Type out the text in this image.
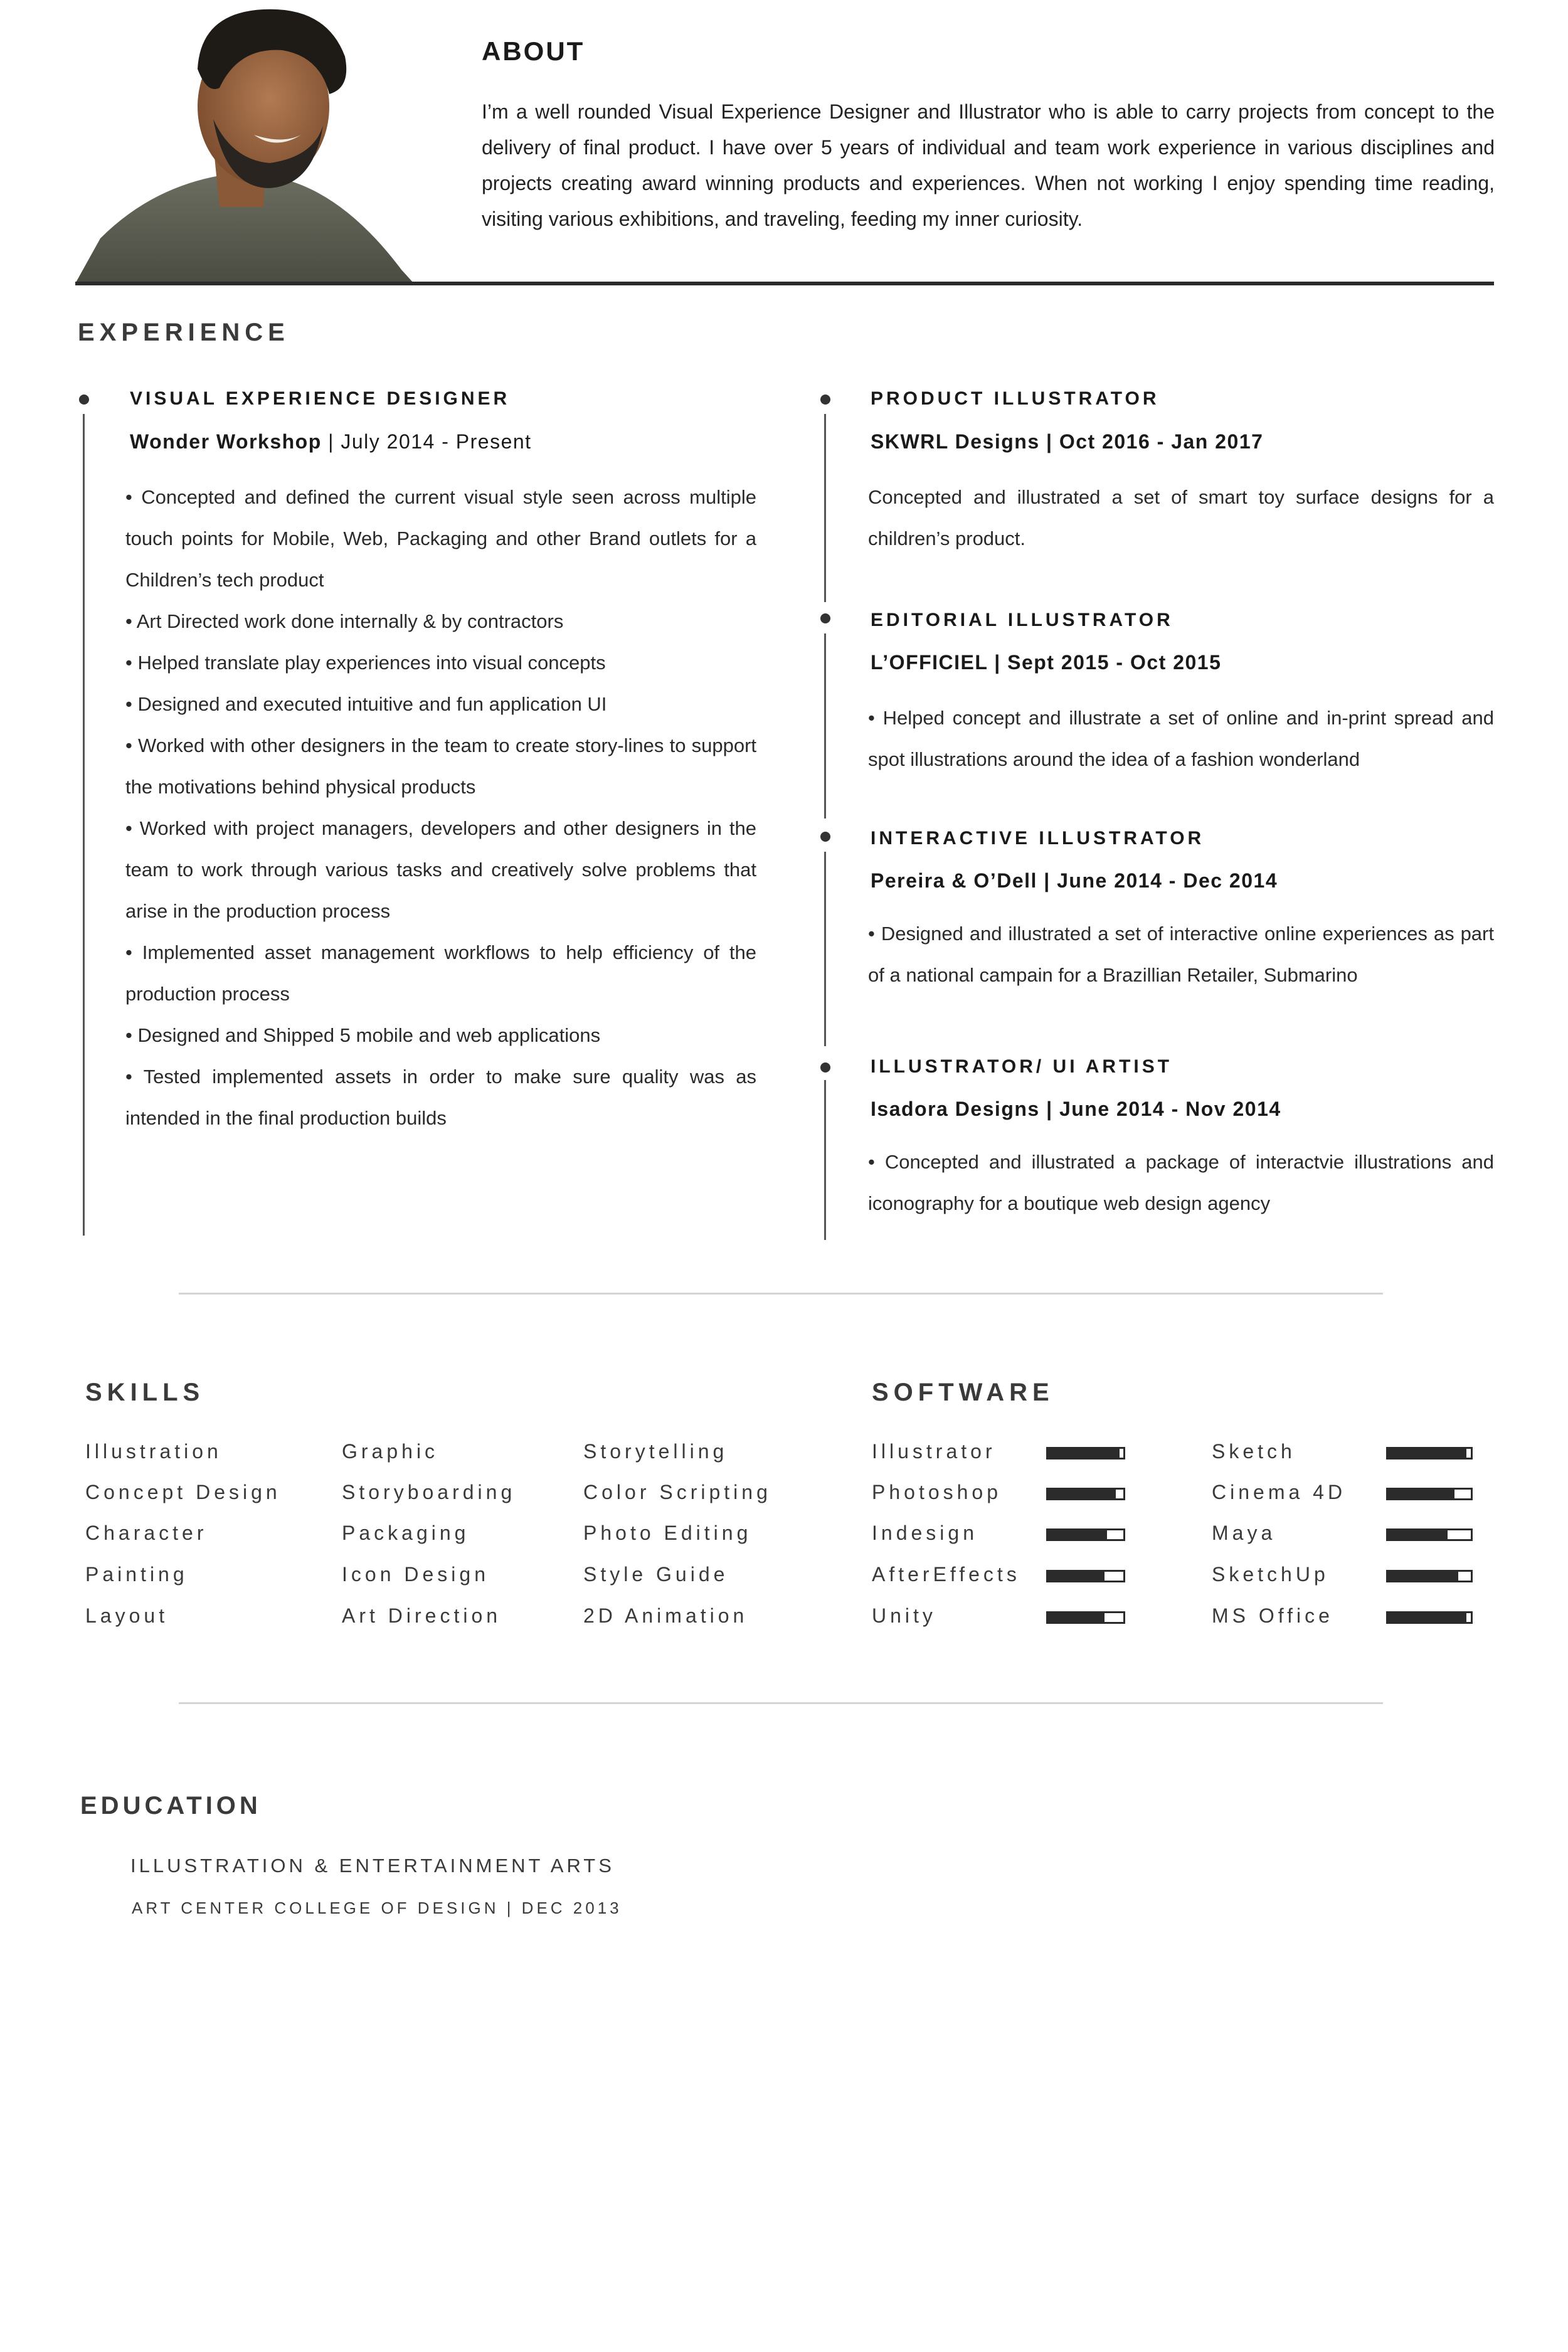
ABOUT
I’m a well rounded Visual Experience Designer and Illustrator who is able to carry projects from concept to the delivery of final product. I have over 5 years of individual and team work experience in various disciplines and projects creating award winning products and experiences. When not working I enjoy spending time reading, visiting various exhibitions, and traveling, feeding my inner curiosity.
EXPERIENCE
VISUAL EXPERIENCE DESIGNER
Wonder Workshop | July 2014 - Present
• Concepted and defined the current visual style seen across multiple touch points for Mobile, Web, Packaging and other Brand outlets for a Children’s tech product
• Art Directed work done internally & by contractors
• Helped translate play experiences into visual concepts
• Designed and executed intuitive and fun application UI
• Worked with other designers in the team to create story-lines to support the motivations behind physical products
• Worked with project managers, developers and other designers in the team to work through various tasks and creatively solve problems that arise in the production process
• Implemented asset management workflows to help efficiency of the production process
• Designed and Shipped 5 mobile and web applications
• Tested implemented assets in order to make sure quality was as intended in the final production builds
PRODUCT ILLUSTRATOR
SKWRL Designs | Oct 2016 - Jan 2017
Concepted and illustrated a set of smart toy surface designs for a children’s product.
EDITORIAL ILLUSTRATOR
L’OFFICIEL | Sept 2015 - Oct 2015
• Helped concept and illustrate a set of online and in-print spread and spot illustrations around the idea of a fashion wonderland
INTERACTIVE ILLUSTRATOR
Pereira & O’Dell | June 2014 - Dec 2014
• Designed and illustrated a set of interactive online experiences as part of a national campain for a Brazillian Retailer, Submarino
ILLUSTRATOR/ UI ARTIST
Isadora Designs | June 2014 - Nov 2014
• Concepted and illustrated a package of interactvie illustrations and iconography for a boutique web design agency
SKILLS
Illustration
Concept Design
Character
Painting
Layout
Graphic
Storyboarding
Packaging
Icon Design
Art Direction
Storytelling
Color Scripting
Photo Editing
Style Guide
2D Animation
SOFTWARE
Illustrator
Photoshop
Indesign
AfterEffects
Unity
Sketch
Cinema 4D
Maya
SketchUp
MS Office
EDUCATION
ILLUSTRATION & ENTERTAINMENT ARTS
ART CENTER COLLEGE OF DESIGN | DEC 2013
